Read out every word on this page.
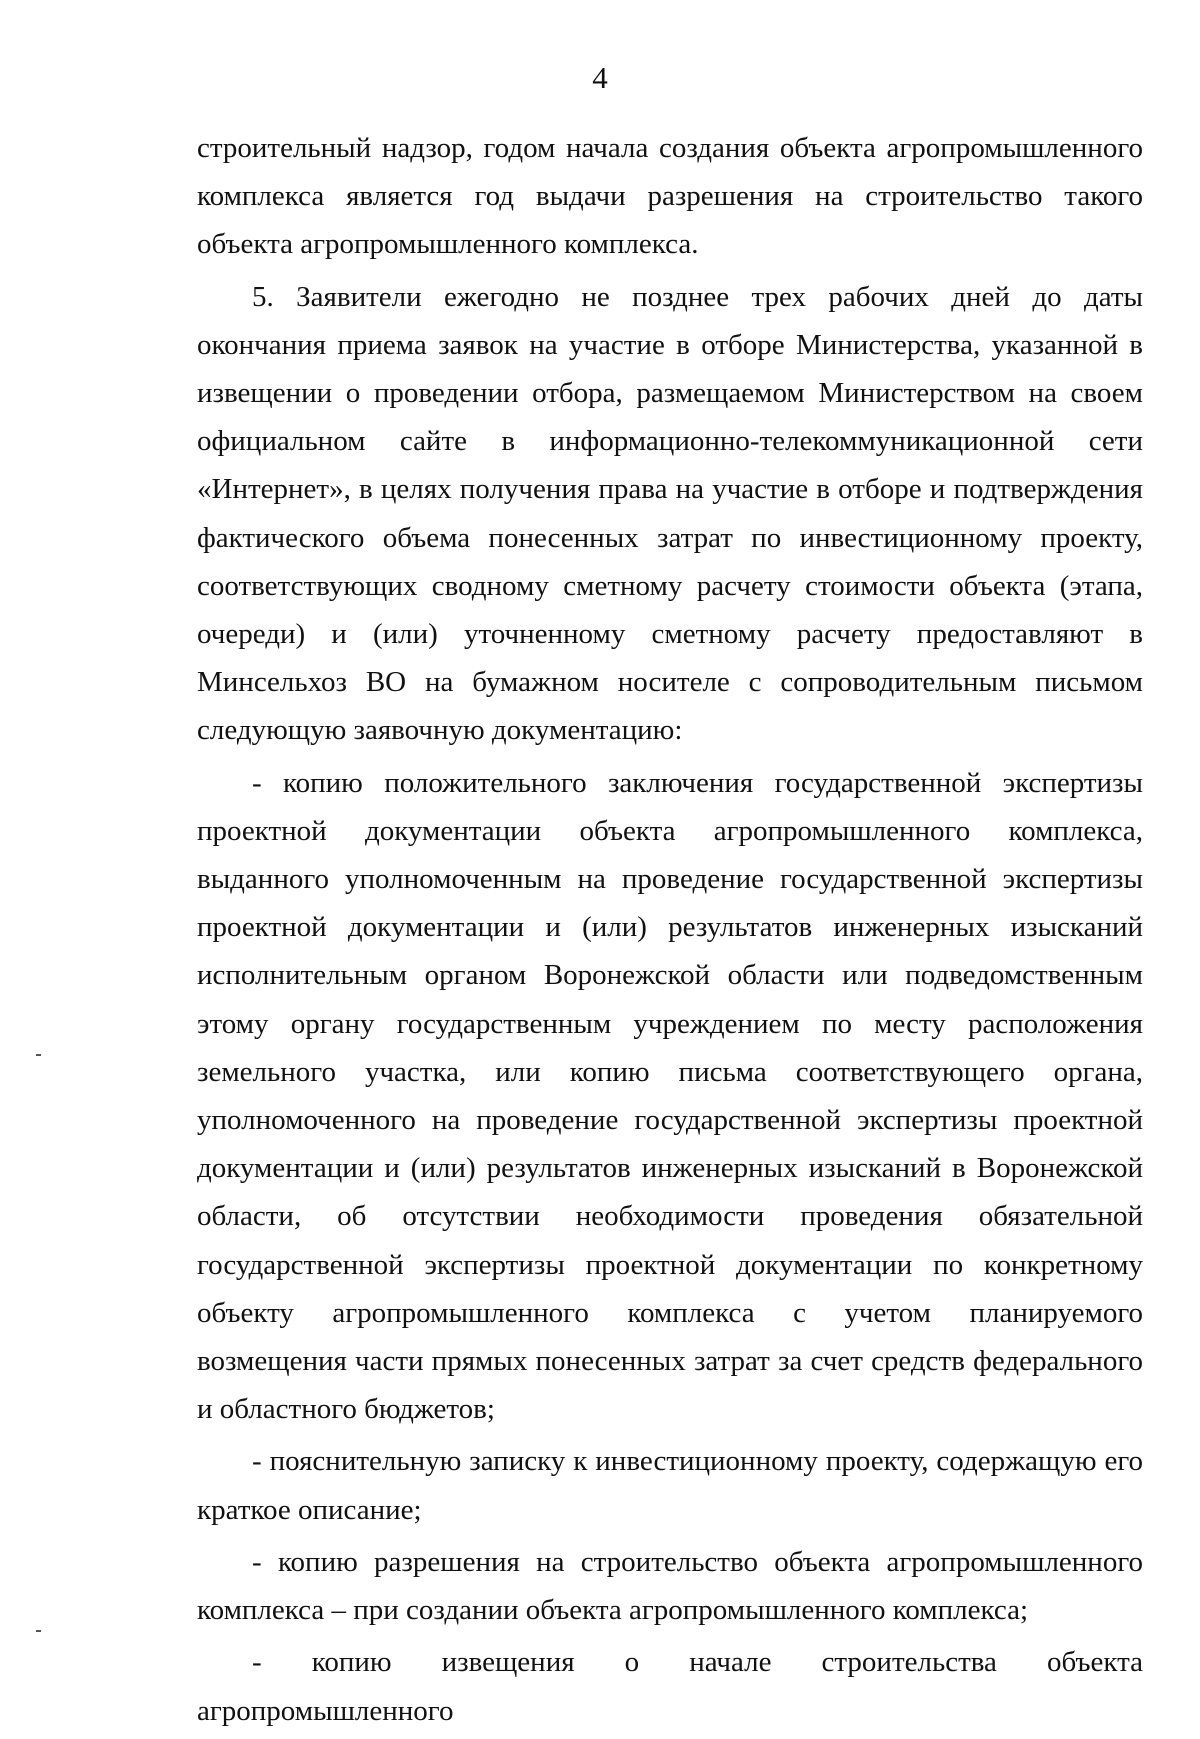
4

строительный надзор, годом начала создания объекта агропромышленного комплекса является год выдачи разрешения на строительство такого объекта агропромышленного комплекса.

5. Заявители ежегодно не позднее трех рабочих дней до даты окончания приема заявок на участие в отборе Министерства, указанной в извещении о проведении отбора, размещаемом Министерством на своем официальном сайте в информационно-телекоммуникационной сети «Интернет», в целях получения права на участие в отборе и подтверждения фактического объема понесенных затрат по инвестиционному проекту, соответствующих сводному сметному расчету стоимости объекта (этапа, очереди) и (или) уточненному сметному расчету предоставляют в Минсельхоз ВО на бумажном носителе с сопроводительным письмом следующую заявочную документацию:

- копию положительного заключения государственной экспертизы проектной документации объекта агропромышленного комплекса, выданного уполномоченным на проведение государственной экспертизы проектной документации и (или) результатов инженерных изысканий исполнительным органом Воронежской области или подведомственным этому органу государственным учреждением по месту расположения земельного участка, или копию письма соответствующего органа, уполномоченного на проведение государственной экспертизы проектной документации и (или) результатов инженерных изысканий в Воронежской области, об отсутствии необходимости проведения обязательной государственной экспертизы проектной документации по конкретному объекту агропромышленного комплекса с учетом планируемого возмещения части прямых понесенных затрат за счет средств федерального и областного бюджетов;

- пояснительную записку к инвестиционному проекту, содержащую его краткое описание;

- копию разрешения на строительство объекта агропромышленного комплекса – при создании объекта агропромышленного комплекса;

- копию извещения о начале строительства объекта агропромышленного
